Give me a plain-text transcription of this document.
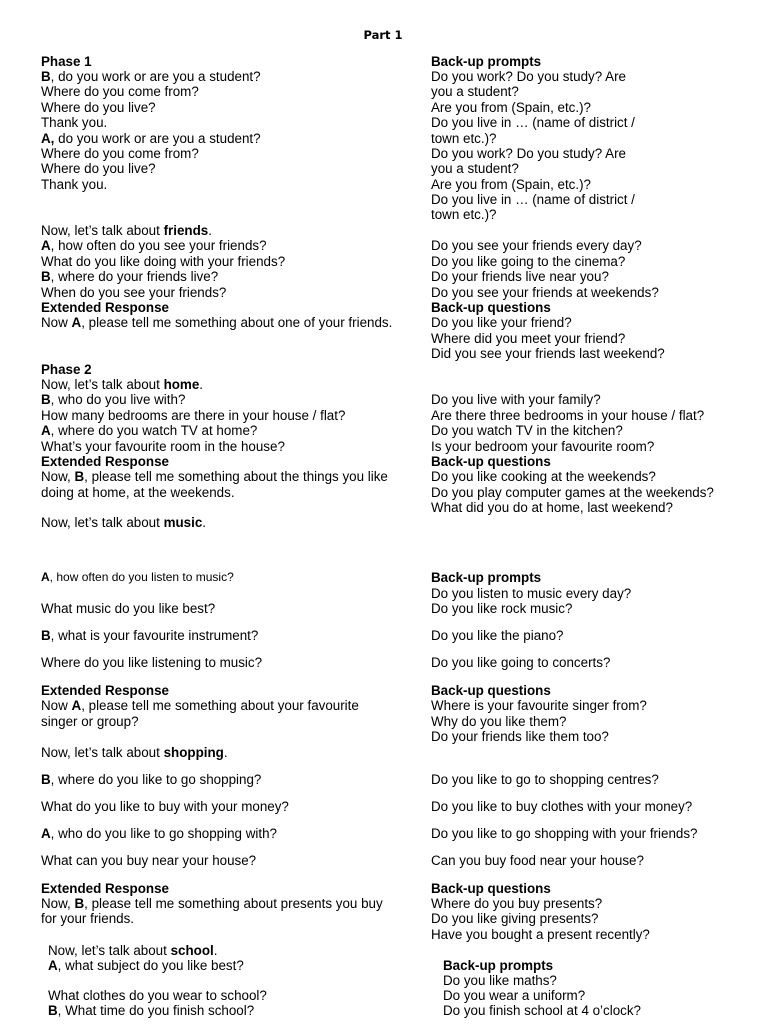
Part 1
Phase 1
B, do you work or are you a student?
Where do you come from?
Where do you live?
Thank you.
A, do you work or are you a student?
Where do you come from?
Where do you live?
Thank you.
Now, let’s talk about friends.
A, how often do you see your friends?
What do you like doing with your friends?
B, where do your friends live?
When do you see your friends?
Extended Response
Now A, please tell me something about one of your friends.
Phase 2
Now, let’s talk about home.
B, who do you live with?
How many bedrooms are there in your house / flat?
A, where do you watch TV at home?
What’s your favourite room in the house?
Extended Response
Now, B, please tell me something about the things you like
doing at home, at the weekends.
Now, let’s talk about music.
A, how often do you listen to music?
What music do you like best?
B, what is your favourite instrument?
Where do you like listening to music?
Extended Response
Now A, please tell me something about your favourite
singer or group?
Now, let’s talk about shopping.
B, where do you like to go shopping?
What do you like to buy with your money?
A, who do you like to go shopping with?
What can you buy near your house?
Extended Response
Now, B, please tell me something about presents you buy
for your friends.
Now, let’s talk about school.
A, what subject do you like best?
What clothes do you wear to school?
B, What time do you finish school?
Back-up prompts
Do you work? Do you study? Are
you a student?
Are you from (Spain, etc.)?
Do you live in … (name of district /
town etc.)?
Do you work? Do you study? Are
you a student?
Are you from (Spain, etc.)?
Do you live in … (name of district /
town etc.)?
Do you see your friends every day?
Do you like going to the cinema?
Do your friends live near you?
Do you see your friends at weekends?
Back-up questions
Do you like your friend?
Where did you meet your friend?
Did you see your friends last weekend?
Do you live with your family?
Are there three bedrooms in your house / flat?
Do you watch TV in the kitchen?
Is your bedroom your favourite room?
Back-up questions
Do you like cooking at the weekends?
Do you play computer games at the weekends?
What did you do at home, last weekend?
Back-up prompts
Do you listen to music every day?
Do you like rock music?
Do you like the piano?
Do you like going to concerts?
Back-up questions
Where is your favourite singer from?
Why do you like them?
Do your friends like them too?
Do you like to go to shopping centres?
Do you like to buy clothes with your money?
Do you like to go shopping with your friends?
Can you buy food near your house?
Back-up questions
Where do you buy presents?
Do you like giving presents?
Have you bought a present recently?
Back-up prompts
Do you like maths?
Do you wear a uniform?
Do you finish school at 4 o’clock?
